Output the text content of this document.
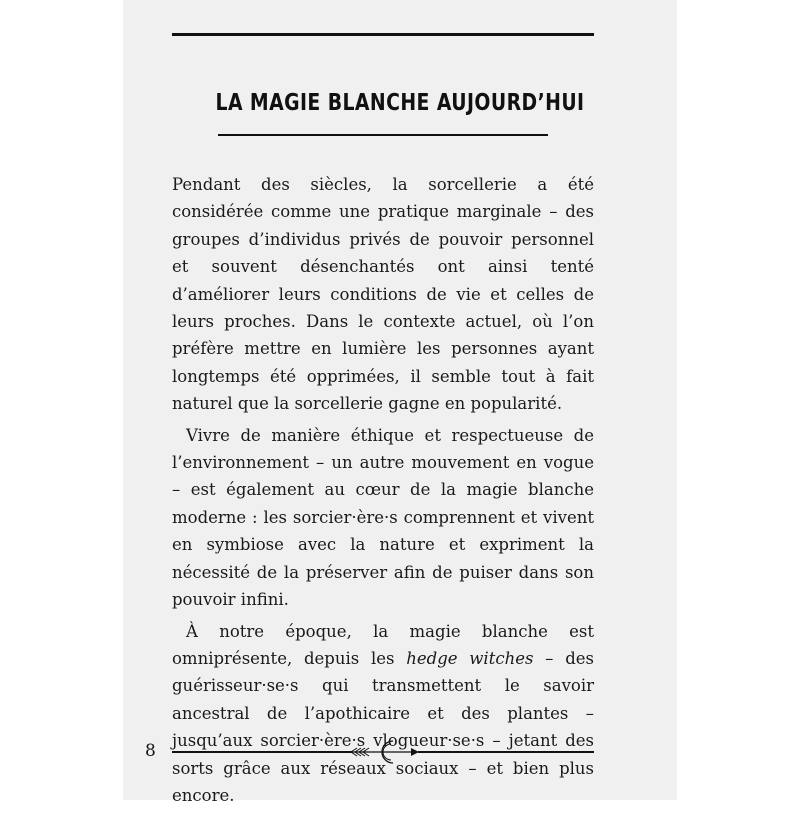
LA MAGIE BLANCHE AUJOURD’HUI

Pendant des siècles, la sorcellerie a été considérée comme une pratique marginale – des groupes d’individus privés de pouvoir personnel et souvent désenchantés ont ainsi tenté d’améliorer leurs conditions de vie et celles de leurs proches. Dans le contexte actuel, où l’on préfère mettre en lumière les personnes ayant longtemps été opprimées, il semble tout à fait naturel que la sorcellerie gagne en popularité.

Vivre de manière éthique et respectueuse de l’environnement – un autre mouvement en vogue – est également au cœur de la magie blanche moderne : les sorcier·ère·s comprennent et vivent en symbiose avec la nature et expriment la nécessité de la préserver afin de puiser dans son pouvoir infini.

À notre époque, la magie blanche est omniprésente, depuis les hedge witches – des guérisseur·se·s qui transmettent le savoir ancestral de l’apothicaire et des plantes – jusqu’aux sorcier·ère·s vlogueur·se·s – jetant des sorts grâce aux réseaux sociaux – et bien plus encore.

8
